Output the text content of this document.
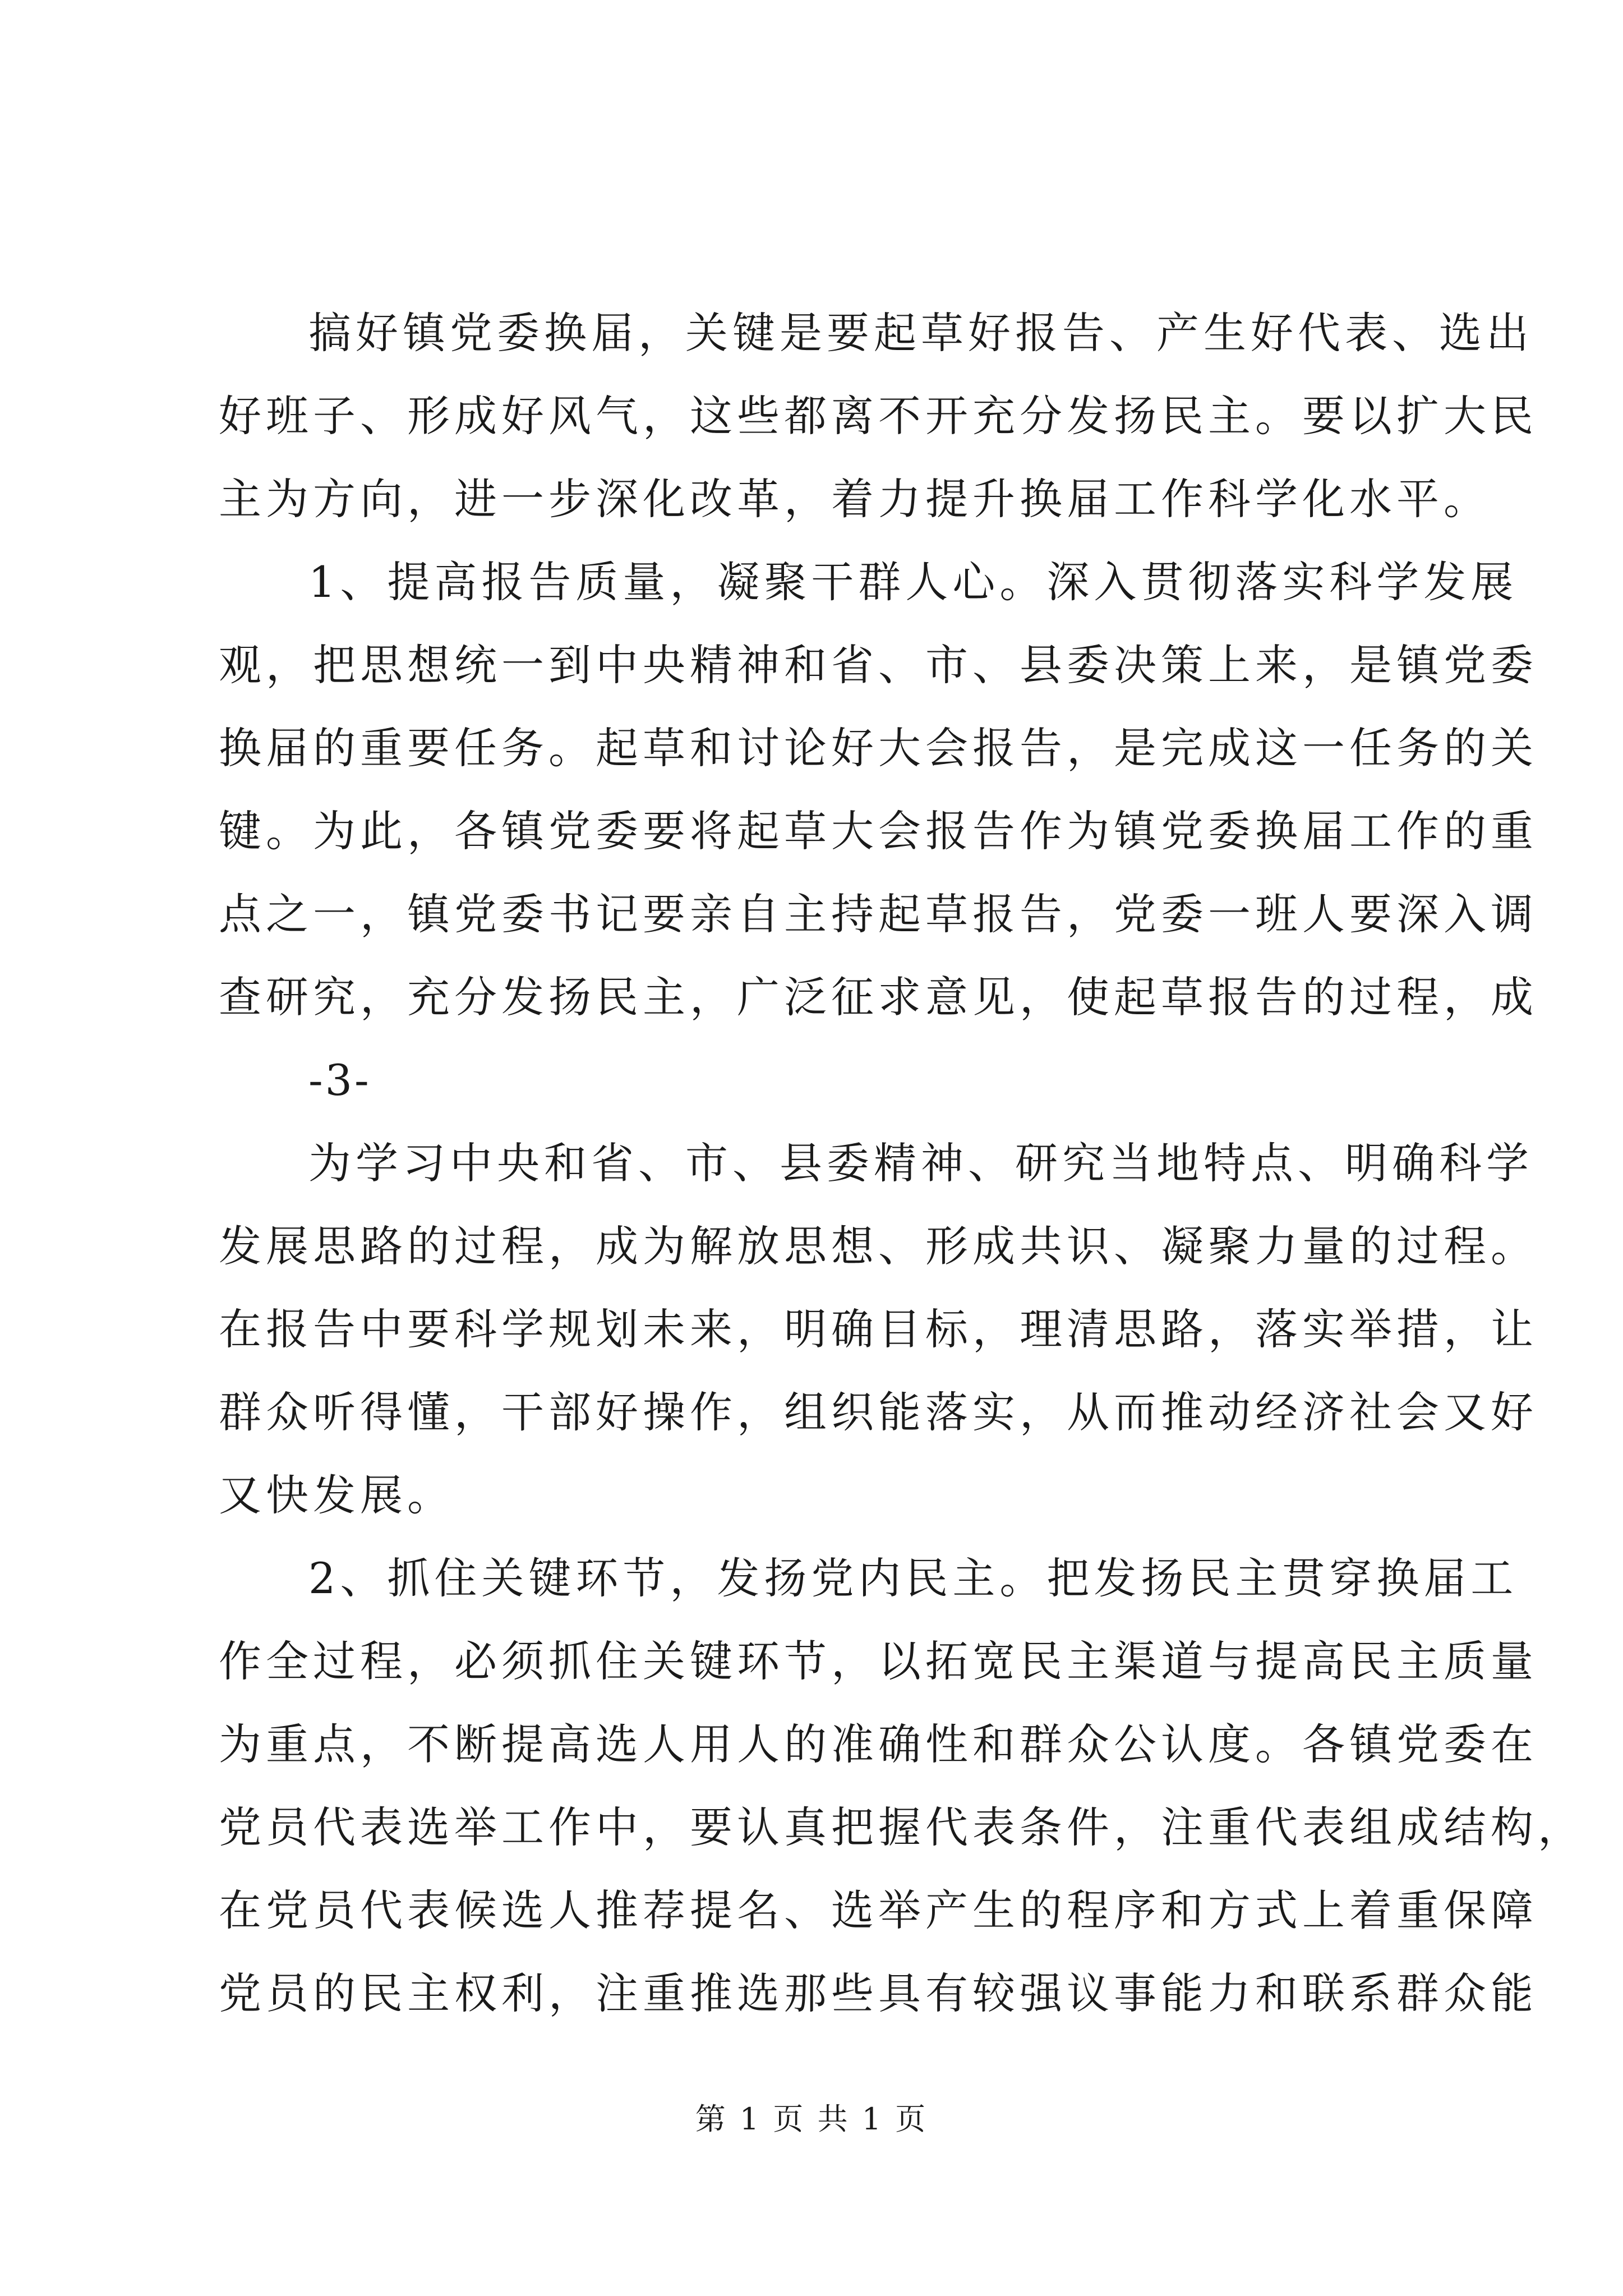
搞好镇党委换届，关键是要起草好报告、产生好代表、选出
好班子、形成好风气，这些都离不开充分发扬民主。要以扩大民
主为方向，进一步深化改革，着力提升换届工作科学化水平。
1、提高报告质量，凝聚干群人心。深入贯彻落实科学发展
观，把思想统一到中央精神和省、市、县委决策上来，是镇党委
换届的重要任务。起草和讨论好大会报告，是完成这一任务的关
键。为此，各镇党委要将起草大会报告作为镇党委换届工作的重
点之一，镇党委书记要亲自主持起草报告，党委一班人要深入调
查研究，充分发扬民主，广泛征求意见，使起草报告的过程，成
-3-
为学习中央和省、市、县委精神、研究当地特点、明确科学
发展思路的过程，成为解放思想、形成共识、凝聚力量的过程。
在报告中要科学规划未来，明确目标，理清思路，落实举措，让
群众听得懂，干部好操作，组织能落实，从而推动经济社会又好
又快发展。
2、抓住关键环节，发扬党内民主。把发扬民主贯穿换届工
作全过程，必须抓住关键环节，以拓宽民主渠道与提高民主质量
为重点，不断提高选人用人的准确性和群众公认度。各镇党委在
党员代表选举工作中，要认真把握代表条件，注重代表组成结构，
在党员代表候选人推荐提名、选举产生的程序和方式上着重保障
党员的民主权利，注重推选那些具有较强议事能力和联系群众能
第 1 页 共 1 页
